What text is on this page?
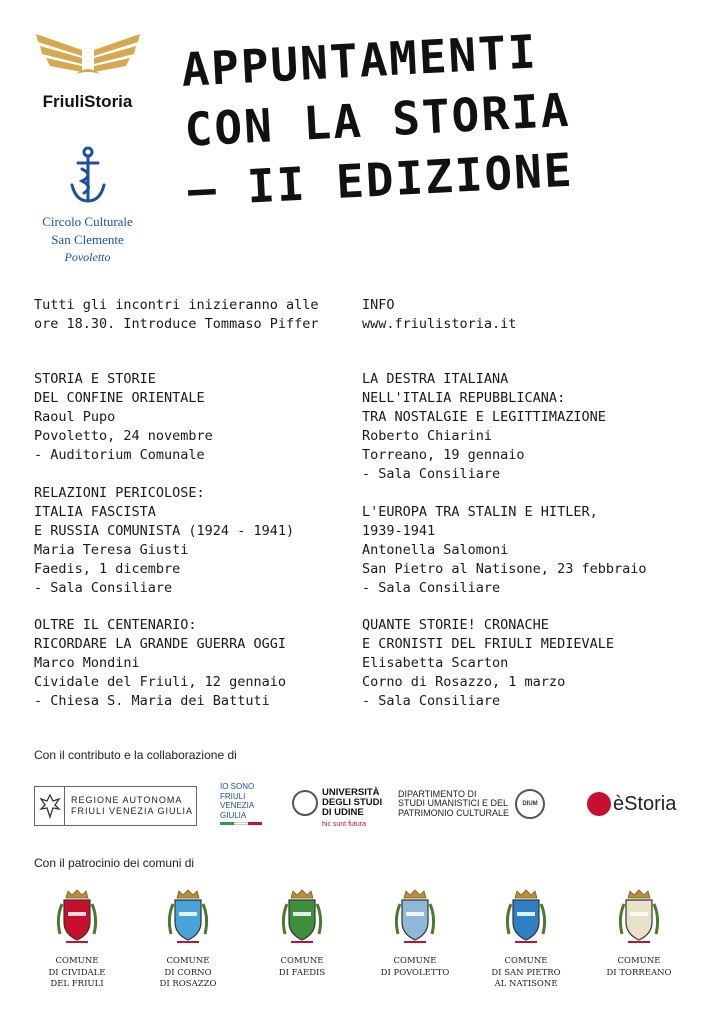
FriuliStoria
Circolo Culturale
San Clemente
Povoletto
APPUNTAMENTI
CON LA STORIA
— II EDIZIONE
Tutti gli incontri inizieranno alle
ore 18.30. Introduce Tommaso Piffer
INFO
www.friulistoria.it
STORIA E STORIE
DEL CONFINE ORIENTALE
Raoul Pupo
Povoletto, 24 novembre
- Auditorium Comunale
LA DESTRA ITALIANA
NELL'ITALIA REPUBBLICANA:
TRA NOSTALGIE E LEGITTIMAZIONE
Roberto Chiarini
Torreano, 19 gennaio
- Sala Consiliare
RELAZIONI PERICOLOSE:
ITALIA FASCISTA
E RUSSIA COMUNISTA (1924 - 1941)
Maria Teresa Giusti
Faedis, 1 dicembre
- Sala Consiliare
L'EUROPA TRA STALIN E HITLER,
1939-1941
Antonella Salomoni
San Pietro al Natisone, 23 febbraio
- Sala Consiliare
OLTRE IL CENTENARIO:
RICORDARE LA GRANDE GUERRA OGGI
Marco Mondini
Cividale del Friuli, 12 gennaio
- Chiesa S. Maria dei Battuti
QUANTE STORIE! CRONACHE
E CRONISTI DEL FRIULI MEDIEVALE
Elisabetta Scarton
Corno di Rosazzo, 1 marzo
- Sala Consiliare
Con il contributo e la collaborazione di
REGIONE AUTONOMA
FRIULI VENEZIA GIULIA
IO SONO
FRIULI
VENEZIA
GIULIA
UNIVERSITÀ
DEGLI STUDI
DI UDINE
hic sunt futura
DIPARTIMENTO DI
STUDI UMANISTICI E DEL
PATRIMONIO CULTURALE
DIUM	èStoria
Con il patrocinio dei comuni di
COMUNE
DI CIVIDALE
DEL FRIULI
COMUNE
DI CORNO
DI ROSAZZO
COMUNE
DI FAEDIS
COMUNE
DI POVOLETTO
COMUNE
DI SAN PIETRO
AL NATISONE
COMUNE
DI TORREANO
